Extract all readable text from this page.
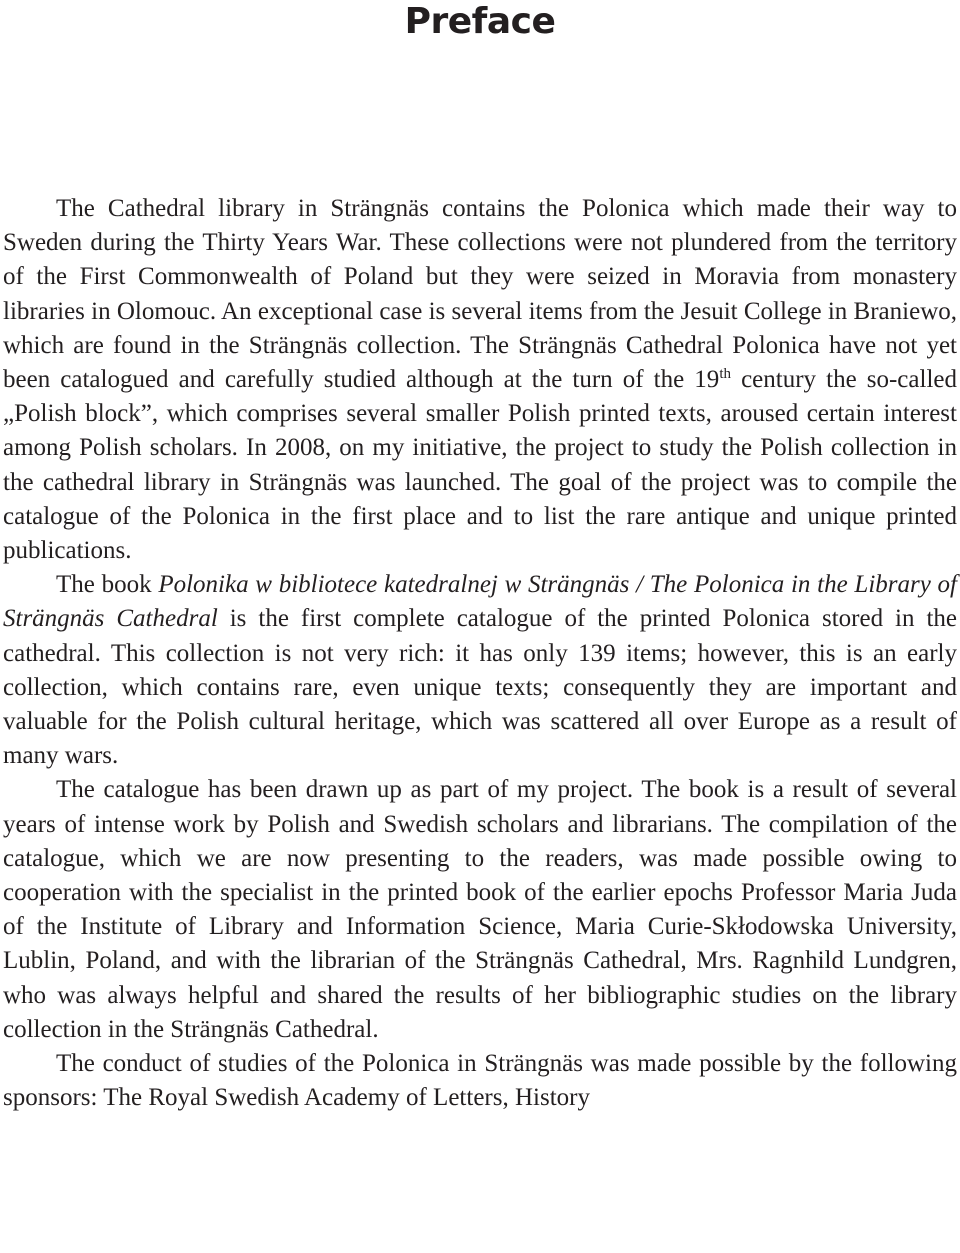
Preface

The Cathedral library in Strängnäs contains the Polonica which made their way to Sweden during the Thirty Years War. These collections were not plundered from the territory of the First Commonwealth of Poland but they were seized in Moravia from monastery libraries in Olomouc. An exceptional case is several items from the Jesuit College in Braniewo, which are found in the Strängnäs collection. The Strängnäs Cathedral Polonica have not yet been catalogued and carefully studied although at the turn of the 19th century the so-called „Polish block”, which comprises several smaller Polish printed texts, aroused certain interest among Polish scholars. In 2008, on my initiative, the project to study the Polish collection in the cathedral library in Strängnäs was launched. The goal of the project was to compile the catalogue of the Polonica in the first place and to list the rare antique and unique printed publications.

The book Polonika w bibliotece katedralnej w Strängnäs / The Polonica in the Library of Strängnäs Cathedral is the first complete catalogue of the printed Polonica stored in the cathedral. This collection is not very rich: it has only 139 items; however, this is an early collection, which contains rare, even unique texts; consequently they are important and valuable for the Polish cultural heritage, which was scattered all over Europe as a result of many wars.

The catalogue has been drawn up as part of my project. The book is a result of several years of intense work by Polish and Swedish scholars and librarians. The compilation of the catalogue, which we are now presenting to the readers, was made possible owing to cooperation with the specialist in the printed book of the earlier epochs Professor Maria Juda of the Institute of Library and Information Science, Maria Curie-Skłodowska University, Lublin, Poland, and with the librarian of the Strängnäs Cathedral, Mrs. Ragnhild Lundgren, who was always helpful and shared the results of her bibliographic studies on the library collection in the Strängnäs Cathedral.

The conduct of studies of the Polonica in Strängnäs was made possible by the following sponsors: The Royal Swedish Academy of Letters, History
